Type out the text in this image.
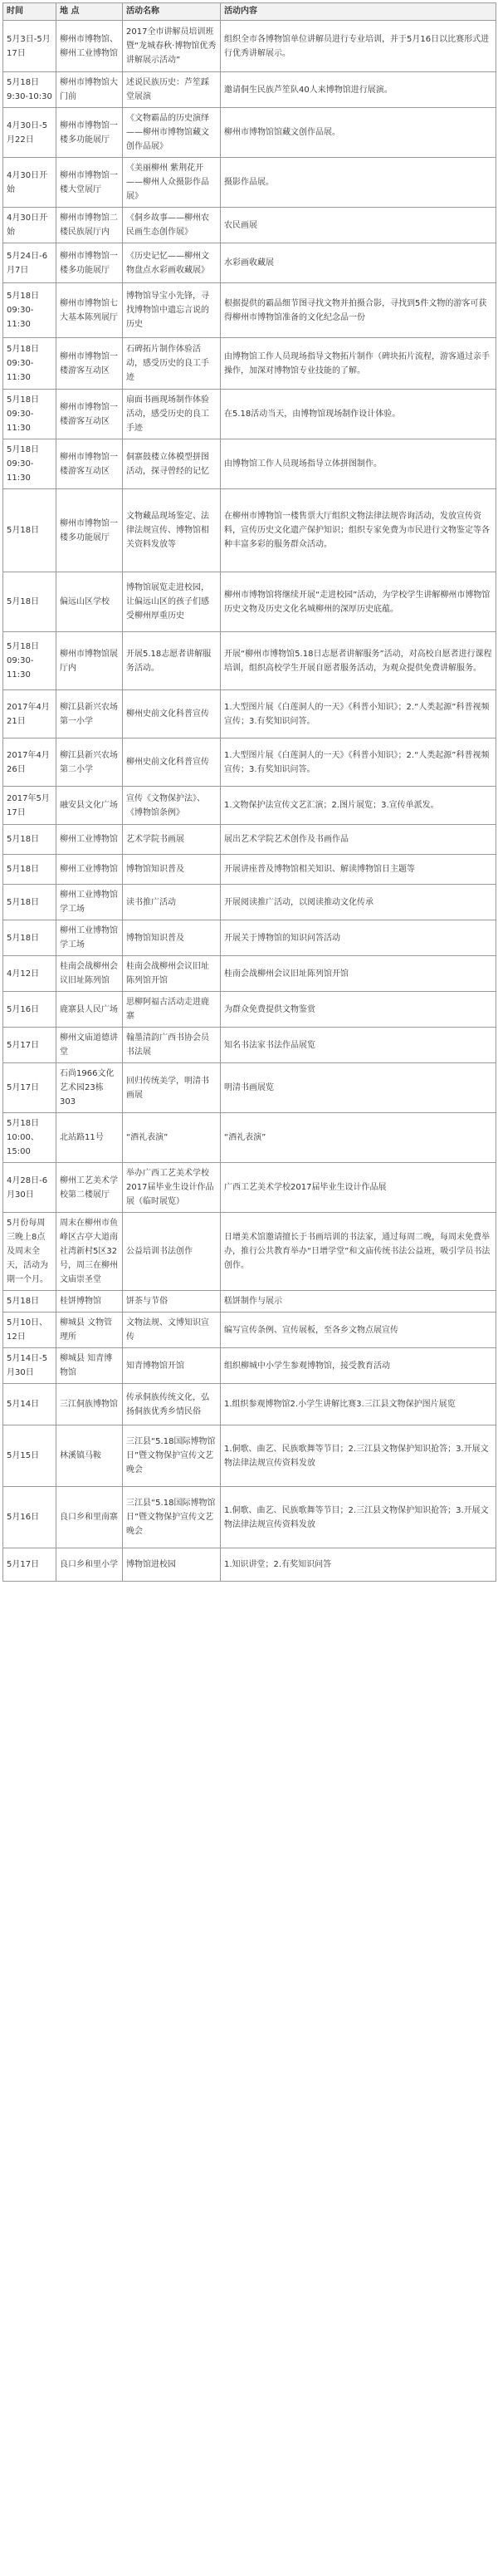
时间	地 点	活动名称	活动内容
5月3日-5月17日	柳州市博物馆、柳州工业博物馆	2017全市讲解员培训班暨“龙城春秋·博物馆优秀讲解展示活动”	组织全市各博物馆单位讲解员进行专业培训，并于5月16日以比赛形式进行优秀讲解展示。
5月18日 9:30-10:30	柳州市博物馆大门前	述说民族历史：芦笙踩堂展演	邀请侗生民族芦笙队40人来博物馆进行展演。
4月30日-5月22日	柳州市博物馆一楼多功能展厅	《文物霸品的历史演绎——柳州市博物馆藏文创作品展》	柳州市博物馆馆藏文创作品展。
4月30日开始	柳州市博物馆一楼大堂展厅	《美丽柳州 紫荆花开——柳州人众摄影作品展》	摄影作品展。
4月30日开始	柳州市博物馆二楼民族展厅内	《侗乡故事——柳州农民画生态创作展》	农民画展
5月24日-6月7日	柳州市博物馆一楼多功能展厅	《历史记忆——柳州文物盘点水彩画收藏展》	水彩画收藏展
5月18日 09:30-11:30	柳州市博物馆七大基本陈列展厅	博物馆导宝小先锋，寻找博物馆中遗忘言说的历史	根据提供的霸品细节图寻找文物并拍摄合影，寻找到5件文物的游客可获得柳州市博物馆准备的文化纪念品一份
5月18日 09:30-11:30	柳州市博物馆一楼游客互动区	石碑拓片制作体验活动，感受历史的良工手迹	由博物馆工作人员现场指导文物拓片制作（碑块拓片流程，游客通过亲手操作，加深对博物馆专业技能的了解。
5月18日 09:30-11:30	柳州市博物馆一楼游客互动区	扇面书画现场制作体验活动，感受历史的良工手迹	在5.18活动当天，由博物馆现场制作设计体验。
5月18日 09:30-11:30	柳州市博物馆一楼游客互动区	侗寨鼓楼立体模型拼图活动，探寻曾经的记忆	由博物馆工作人员现场指导立体拼图制作。
5月18日	柳州市博物馆一楼多功能展厅	文物藏品现场鉴定、法律法规宣传、博物馆相关资料发放等	在柳州市博物馆一楼售票大厅组织文物法律法规咨询活动，发放宣传资料，宣传历史文化遗产保护知识；组织专家免费为市民进行文物鉴定等各种丰富多彩的服务群众活动。
5月18日	偏远山区学校	博物馆展览走进校园，让偏远山区的孩子们感受柳州厚重历史	柳州市博物馆将继续开展“走进校园”活动，为学校学生讲解柳州市博物馆历史文物及历史文化名城柳州的深厚历史底蕴。
5月18日 09:30-11:30	柳州市博物馆展厅内	开展5.18志愿者讲解服务活动。	开展“柳州市博物馆5.18日志愿者讲解服务”活动，对高校自愿者进行课程培训，组织高校学生开展自愿者服务活动，为观众提供免费讲解服务。
2017年4月21日	柳江县新兴农场第一小学	柳州史前文化科普宣传	1.大型图片展《白莲洞人的一天》《科普小知识》；2.“人类起源”科普视频宣传；3.有奖知识问答。
2017年4月26日	柳江县新兴农场第二小学	柳州史前文化科普宣传	1.大型图片展《白莲洞人的一天》《科普小知识》；2.“人类起源”科普视频宣传；3.有奖知识问答。
2017年5月17日	融安县文化广场	宣传《文物保护法》、《博物馆条例》	1.文物保护法宣传文艺汇演；2.图片展览；3.宣传单派发。
5月18日	柳州工业博物馆	艺术学院书画展	展出艺术学院艺术创作及书画作品
5月18日	柳州工业博物馆	博物馆知识普及	开展讲座普及博物馆相关知识、解读博物馆日主题等
5月18日	柳州工业博物馆学工场	读书推广活动	开展阅读推广活动，以阅读推动文化传承
5月18日	柳州工业博物馆学工场	博物馆知识普及	开展关于博物馆的知识问答活动
4月12日	桂南会战柳州会议旧址陈列馆	桂南会战柳州会议旧址陈列馆开馆	桂南会战柳州会议旧址陈列馆开馆
5月16日	鹿寨县人民广场	思柳阿福古活动走进鹿寨	为群众免费提供文物鉴赏
5月17日	柳州文庙道德讲堂	翰墨清韵广西书协会员书法展	知名书法家书法作品展览
5月17日	石尚1966文化艺术园23栋303	回归传统美学，明清书画展	明清书画展览
5月18日 10:00、15:00	北站路11号	“酒礼表演”	“酒礼表演”
4月28日-6月30日	柳州工艺美术学校第二楼展厅	举办广西工艺美术学校2017届毕业生设计作品展（临时展览）	广西工艺美术学校2017届毕业生设计作品展
5月份每周三晚上8点及周末全天，活动为期一个月。	周末在柳州市鱼峰区古亭大道南社湾新村5区32号，周三在柳州文庙崇圣堂	公益培训书法创作	日增美术馆邀请擅长于书画培训的书法家，通过每周二晚，每周末免费举办，推行公共教育举办“日增学堂”和文庙传统书法公益班，吸引学员书法创作。
5月18日	桂饼博物馆	饼茶与节俗	糕饼制作与展示
5月10日、12日	柳城县 文物管理所	文物法规、文博知识宣传	编写宣传条例、宣传展板，至各乡文物点展宣传
5月14日-5月30日	柳城县 知青博物馆	知青博物馆开馆	组织柳城中小学生参观博物馆，接受教育活动
5月14日	三江侗族博物馆	传承侗族传统文化，弘扬侗族优秀乡情民俗	1.组织参观博物馆2.小学生讲解比赛3.三江县文物保护图片展览
5月15日	林溪镇马鞍	三江县“5.18国际博物馆日”暨文物保护宣传文艺晚会	1.侗歌、曲艺、民族歌舞等节目；2.三江县文物保护知识抢答；3.开展文物法律法规宣传资料发放
5月16日	良口乡和里南寨	三江县“5.18国际博物馆日”暨文物保护宣传文艺晚会	1.侗歌、曲艺、民族歌舞等节目；2.三江县文物保护知识抢答；3.开展文物法律法规宣传资料发放
5月17日	良口乡和里小学	博物馆进校园	1.知识讲堂；2.有奖知识问答
